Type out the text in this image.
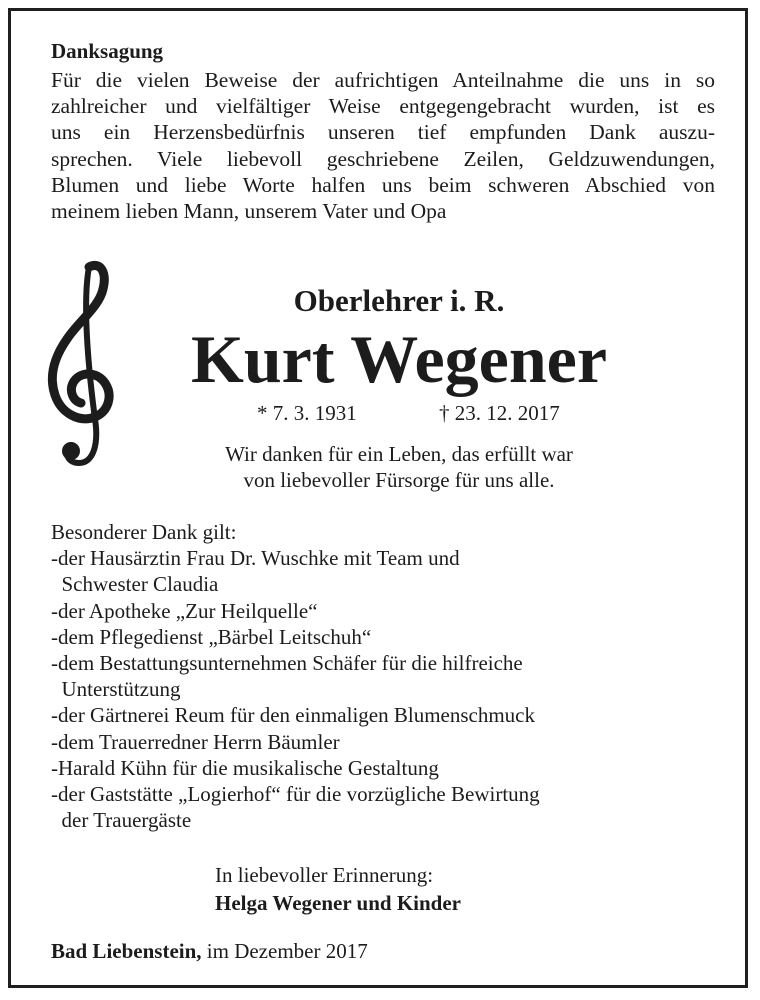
Danksagung
Für die vielen Beweise der aufrichtigen Anteilnahme die uns in so
zahlreicher und vielfältiger Weise entgegengebracht wurden, ist es
uns ein Herzensbedürfnis unseren tief empfunden Dank auszu-
sprechen. Viele liebevoll geschriebene Zeilen, Geldzuwendungen,
Blumen und liebe Worte halfen uns beim schweren Abschied von
meinem lieben Mann, unserem Vater und Opa
Oberlehrer i. R.
Kurt Wegener
* 7. 3. 1931	† 23. 12. 2017
Wir danken für ein Leben, das erfüllt war
von liebevoller Fürsorge für uns alle.
Besonderer Dank gilt:
-der Hausärztin Frau Dr. Wuschke mit Team und
Schwester Claudia
-der Apotheke „Zur Heilquelle“
-dem Pflegedienst „Bärbel Leitschuh“
-dem Bestattungsunternehmen Schäfer für die hilfreiche
Unterstützung
-der Gärtnerei Reum für den einmaligen Blumenschmuck
-dem Trauerredner Herrn Bäumler
-Harald Kühn für die musikalische Gestaltung
-der Gaststätte „Logierhof“ für die vorzügliche Bewirtung
der Trauergäste
In liebevoller Erinnerung:
Helga Wegener und Kinder
Bad Liebenstein, im Dezember 2017
